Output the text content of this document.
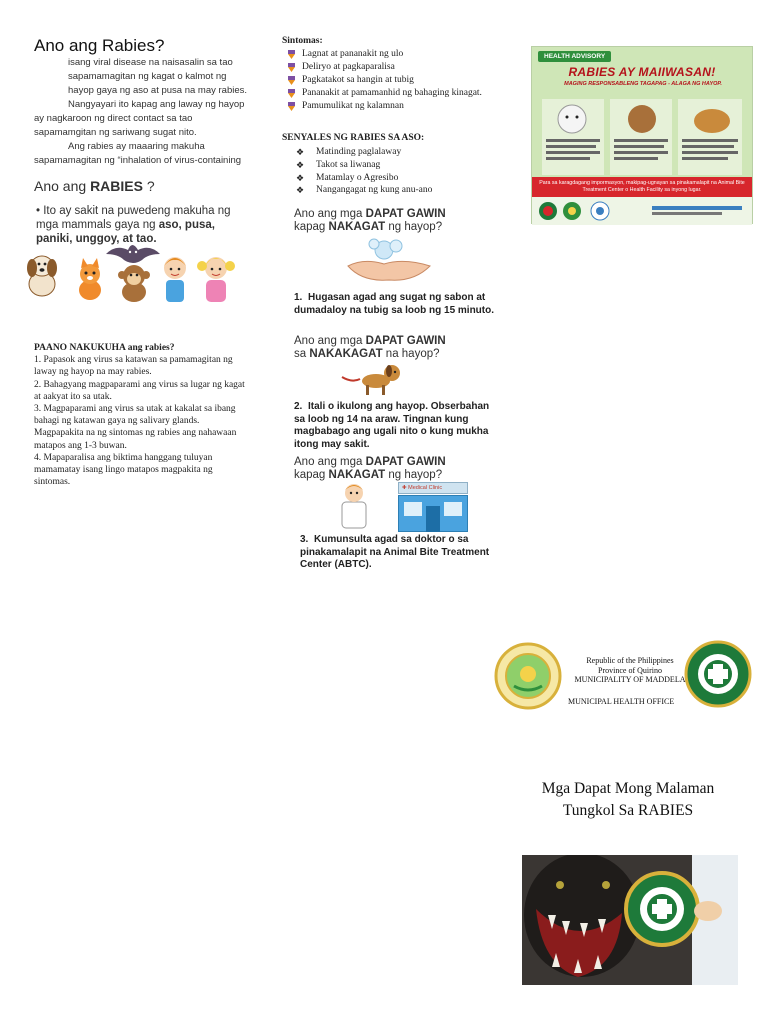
Ano ang Rabies?

isang viral disease na naisasalin sa tao sapamamagitan ng kagat o kalmot ng hayop gaya ng aso at pusa na may rabies.

Nangyayari ito kapag ang laway ng hayop ay nagkaroon ng direct contact sa tao sapamamgitan ng sariwang sugat nito.

Ang rabies ay maaaring makuha sapamamagitan ng “inhalation of virus-containing

Ano ang RABIES ?
• Ito ay sakit na puwedeng makuha ng mga mammals gaya ng aso, pusa, paniki, unggoy, at tao.
PAANO NAKUKUHA ang rabies?
1. Papasok ang virus sa katawan sa pamamagitan ng laway ng hayop na may rabies.
2. Bahagyang magpaparami ang virus sa lugar ng kagat at aakyat ito sa utak.
3. Magpaparami ang virus sa utak at kakalat sa ibang bahagi ng katawan gaya ng salivary glands. Magpapakita na ng sintomas ng rabies ang nahawaan matapos ang 1-3 buwan.
4. Mapaparalisa ang biktima hanggang tuluyan mamamatay isang lingo matapos magpakita ng sintomas.
Sintomas:
Lagnat at pananakit ng ulo
Deliryo at pagkaparalisa
Pagkatakot sa hangin at tubig
Pananakit at pamamanhid ng bahaging kinagat.
Pamumulikat ng kalamnan
SENYALES NG RABIES SA ASO:
❖ Matinding paglalaway
❖ Takot sa liwanag
❖ Matamlay o Agresibo
❖ Nangangagat ng kung anu-ano
Ano ang mga DAPAT GAWIN
kapag NAKAGAT ng hayop?
1. Hugasan agad ang sugat ng sabon at dumadaloy na tubig sa loob ng 15 minuto.
Ano ang mga DAPAT GAWIN
sa NAKAKAGAT na hayop?
2. Itali o ikulong ang hayop. Obserbahan sa loob ng 14 na araw. Tingnan kung magbabago ang ugali nito o kung mukha itong may sakit.
Ano ang mga DAPAT GAWIN
kapag NAKAGAT ng hayop?
✚ Medical Clinic
3. Kumunsulta agad sa doktor o sa pinakamalapit na Animal Bite Treatment Center (ABTC).
HEALTH ADVISORY
RABIES AY MAIIWASAN!
MAGING RESPONSABLENG TAGAPAG - ALAGA NG HAYOP.
Para sa karagdagang impormasyon, makipag-ugnayan sa pinakamalapit na Animal Bite Treatment Center o Health Facility sa inyong lugar.
Republic of the Philippines
Province of Quirino
MUNICIPALITY OF MADDELA
MUNICIPAL HEALTH OFFICE
Mga Dapat Mong Malaman
Tungkol Sa RABIES
